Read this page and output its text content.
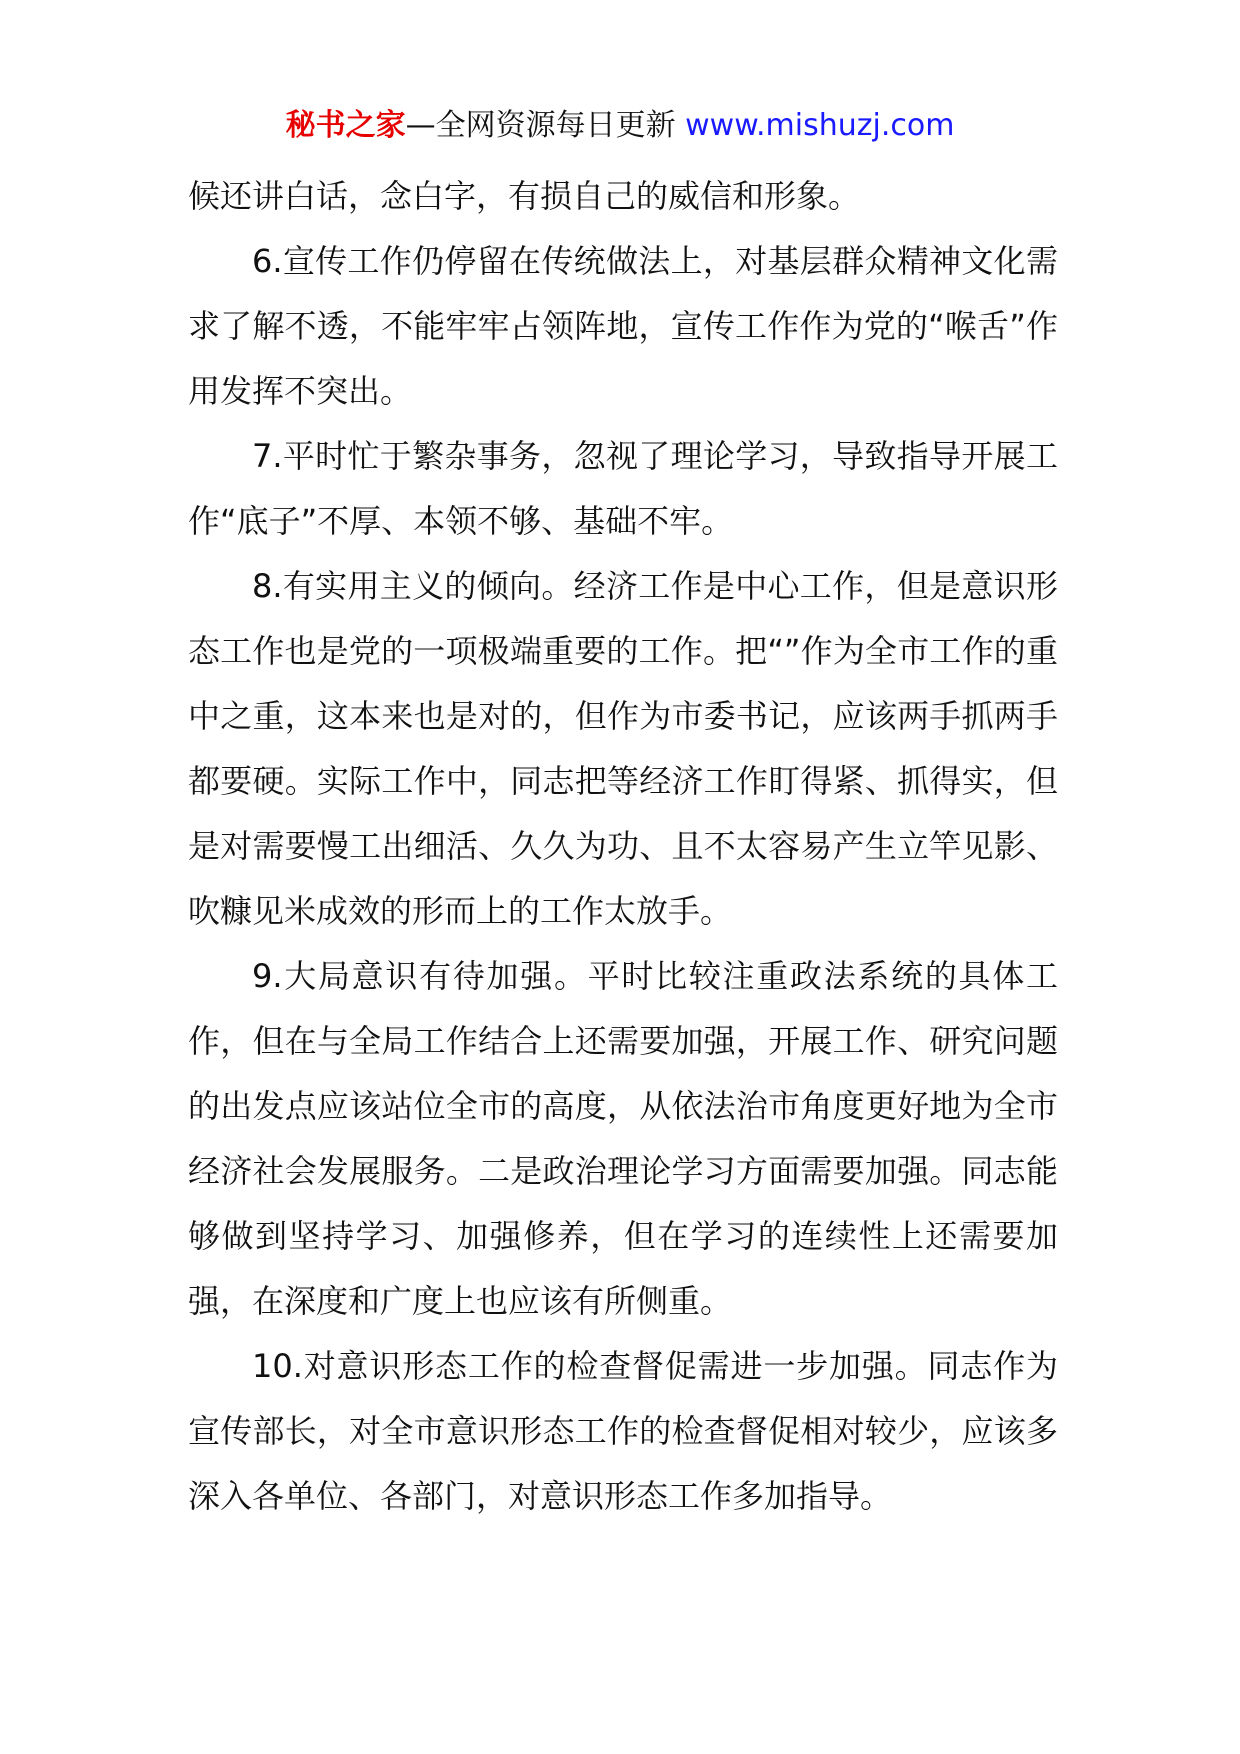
秘书之家—全网资源每日更新 www.mishuzj.com

候还讲白话，念白字，有损自己的威信和形象。

6.宣传工作仍停留在传统做法上，对基层群众精神文化需求了解不透，不能牢牢占领阵地，宣传工作作为党的“喉舌”作用发挥不突出。

7.平时忙于繁杂事务，忽视了理论学习，导致指导开展工作“底子”不厚、本领不够、基础不牢。

8.有实用主义的倾向。经济工作是中心工作，但是意识形态工作也是党的一项极端重要的工作。把“”作为全市工作的重中之重，这本来也是对的，但作为市委书记，应该两手抓两手都要硬。实际工作中，同志把等经济工作盯得紧、抓得实，但是对需要慢工出细活、久久为功、且不太容易产生立竿见影、吹糠见米成效的形而上的工作太放手。

9.大局意识有待加强。平时比较注重政法系统的具体工作，但在与全局工作结合上还需要加强，开展工作、研究问题的出发点应该站位全市的高度，从依法治市角度更好地为全市经济社会发展服务。二是政治理论学习方面需要加强。同志能够做到坚持学习、加强修养，但在学习的连续性上还需要加强，在深度和广度上也应该有所侧重。

10.对意识形态工作的检查督促需进一步加强。同志作为宣传部长，对全市意识形态工作的检查督促相对较少，应该多深入各单位、各部门，对意识形态工作多加指导。
